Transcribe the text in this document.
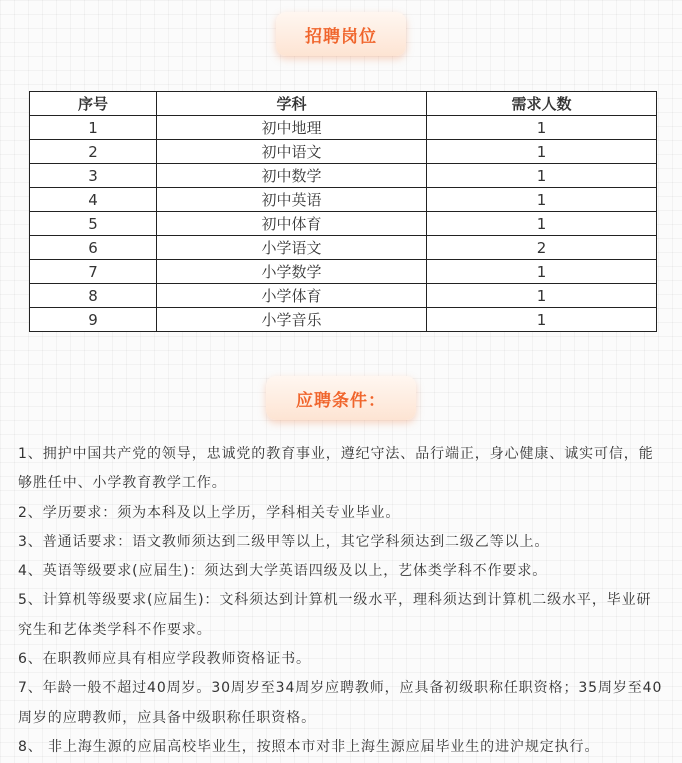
招聘岗位
序号	学科	需求人数
1	初中地理	1
2	初中语文	1
3	初中数学	1
4	初中英语	1
5	初中体育	1
6	小学语文	2
7	小学数学	1
8	小学体育	1
9	小学音乐	1
应聘条件：

1、拥护中国共产党的领导，忠诚党的教育事业，遵纪守法、品行端正，身心健康、诚实可信，能够胜任中、小学教育教学工作。

2、学历要求：须为本科及以上学历，学科相关专业毕业。

3、普通话要求：语文教师须达到二级甲等以上，其它学科须达到二级乙等以上。

4、英语等级要求(应届生)：须达到大学英语四级及以上，艺体类学科不作要求。

5、计算机等级要求(应届生)：文科须达到计算机一级水平，理科须达到计算机二级水平，毕业研究生和艺体类学科不作要求。

6、在职教师应具有相应学段教师资格证书。

7、年龄一般不超过40周岁。30周岁至34周岁应聘教师，应具备初级职称任职资格；35周岁至40周岁的应聘教师，应具备中级职称任职资格。

8、 非上海生源的应届高校毕业生，按照本市对非上海生源应届毕业生的进沪规定执行。
